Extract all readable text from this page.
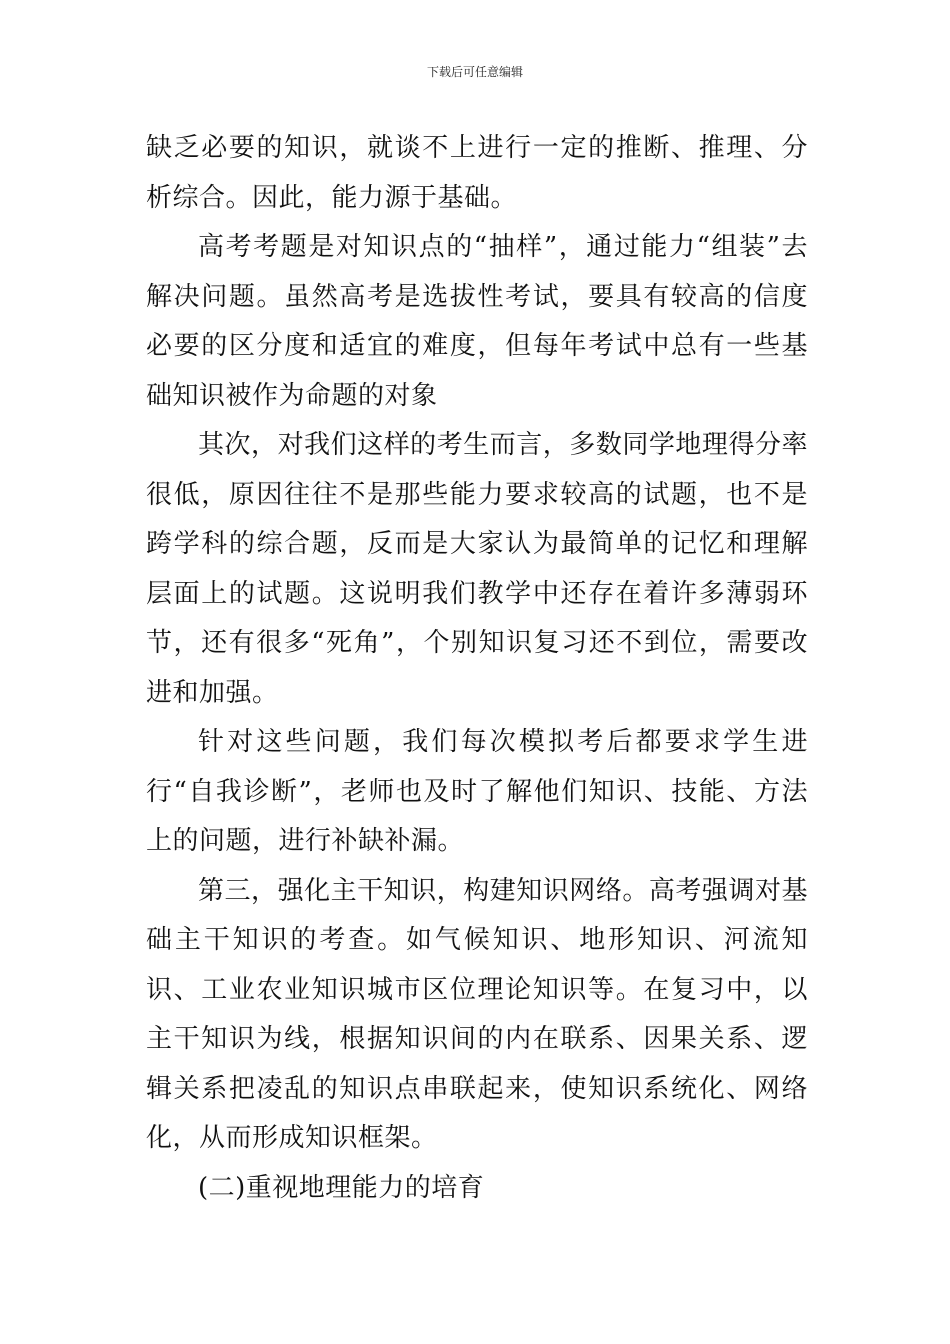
下载后可任意编辑

缺乏必要的知识，就谈不上进行一定的推断、推理、分析综合。因此，能力源于基础。

高考考题是对知识点的“抽样”，通过能力“组装”去解决问题。虽然高考是选拔性考试，要具有较高的信度必要的区分度和适宜的难度，但每年考试中总有一些基础知识被作为命题的对象

其次，对我们这样的考生而言，多数同学地理得分率很低，原因往往不是那些能力要求较高的试题，也不是跨学科的综合题，反而是大家认为最简单的记忆和理解层面上的试题。这说明我们教学中还存在着许多薄弱环节，还有很多“死角”，个别知识复习还不到位，需要改进和加强。

针对这些问题，我们每次模拟考后都要求学生进行“自我诊断”，老师也及时了解他们知识、技能、方法上的问题，进行补缺补漏。

第三，强化主干知识，构建知识网络。高考强调对基础主干知识的考查。如气候知识、地形知识、河流知识、工业农业知识城市区位理论知识等。在复习中，以主干知识为线，根据知识间的内在联系、因果关系、逻辑关系把凌乱的知识点串联起来，使知识系统化、网络化，从而形成知识框架。

(二)重视地理能力的培育
